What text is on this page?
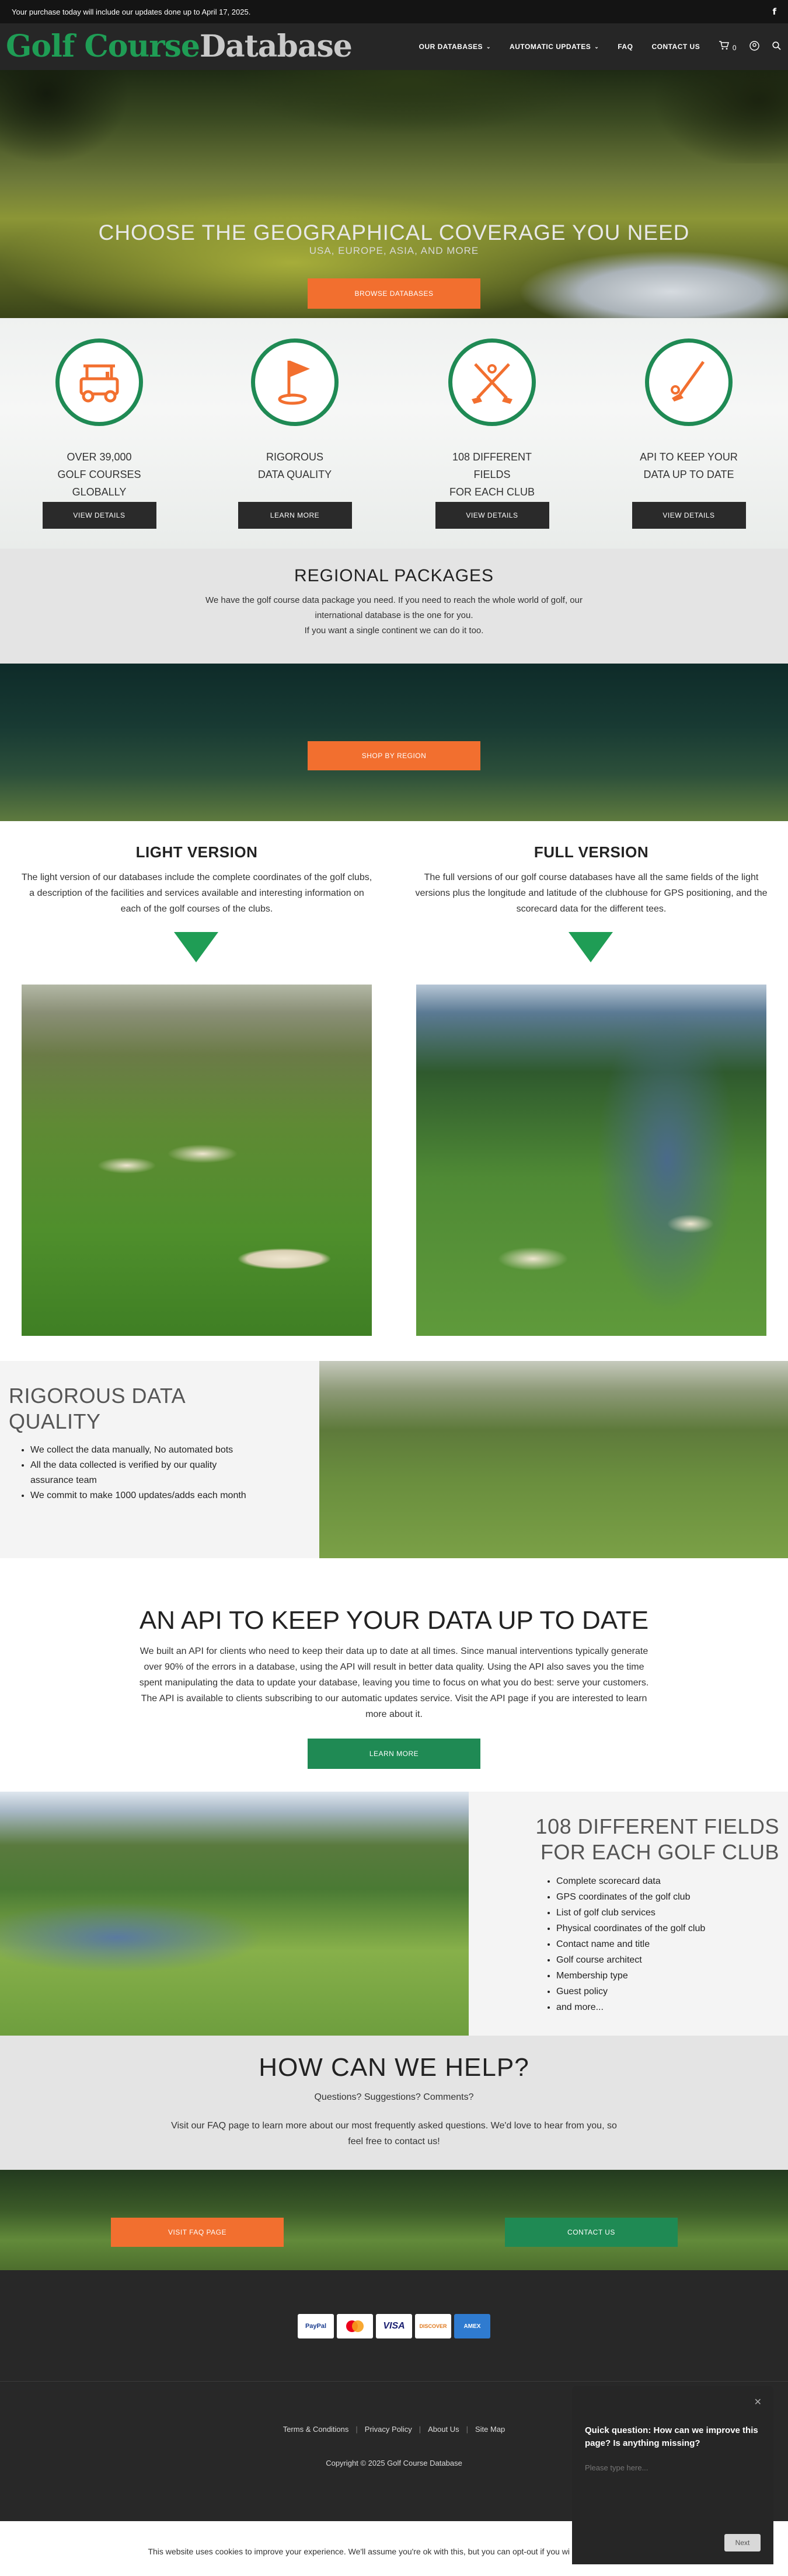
Your purchase today will include our updates done up to April 17, 2025.	f
Golf CourseDatabase	OUR DATABASES ⌄	AUTOMATIC UPDATES ⌄	FAQ	CONTACT US	0
CHOOSE THE GEOGRAPHICAL COVERAGE YOU NEED
USA, EUROPE, ASIA, AND MORE
BROWSE DATABASES
OVER 39,000
GOLF COURSES GLOBALLY
VIEW DETAILS
RIGOROUS
DATA QUALITY
LEARN MORE
108 DIFFERENT FIELDS
FOR EACH CLUB
VIEW DETAILS
API TO KEEP YOUR
DATA UP TO DATE
VIEW DETAILS
REGIONAL PACKAGES

We have the golf course data package you need. If you need to reach the whole world of golf, our
international database is the one for you.
If you want a single continent we can do it too.

SHOP BY REGION
LIGHT VERSION

The light version of our databases include the complete coordinates of the golf clubs, a description of the facilities and services available and interesting information on each of the golf courses of the clubs.

FULL VERSION

The full versions of our golf course databases have all the same fields of the light versions plus the longitude and latitude of the clubhouse for GPS positioning, and the scorecard data for the different tees.

RIGOROUS DATA
QUALITY
• We collect the data manually, No automated bots
• All the data collected is verified by our quality assurance team
• We commit to make 1000 updates/adds each month
AN API TO KEEP YOUR DATA UP TO DATE

We built an API for clients who need to keep their data up to date at all times. Since manual interventions typically generate over 90% of the errors in a database, using the API will result in better data quality. Using the API also saves you the time spent manipulating the data to update your database, leaving you time to focus on what you do best: serve your customers. The API is available to clients subscribing to our automatic updates service. Visit the API page if you are interested to learn more about it.

LEARN MORE
108 DIFFERENT FIELDS
FOR EACH GOLF CLUB
• Complete scorecard data
• GPS coordinates of the golf club
• List of golf club services
• Physical coordinates of the golf club
• Contact name and title
• Golf course architect
• Membership type
• Guest policy
• and more...
HOW CAN WE HELP?

Questions? Suggestions? Comments?

Visit our FAQ page to learn more about our most frequently asked questions. We'd love to hear from you, so
feel free to contact us!

VISIT FAQ PAGE	CONTACT US
PayPal	VISA	DISCOVER	AMEX
Terms & Conditions | Privacy Policy | About Us | Site Map
Copyright © 2025 Golf Course Database
✕
Quick question: How can we improve this page? Is anything missing?
Please type here...
Next
This website uses cookies to improve your experience. We'll assume you're ok with this, but you can opt-out if you wi
